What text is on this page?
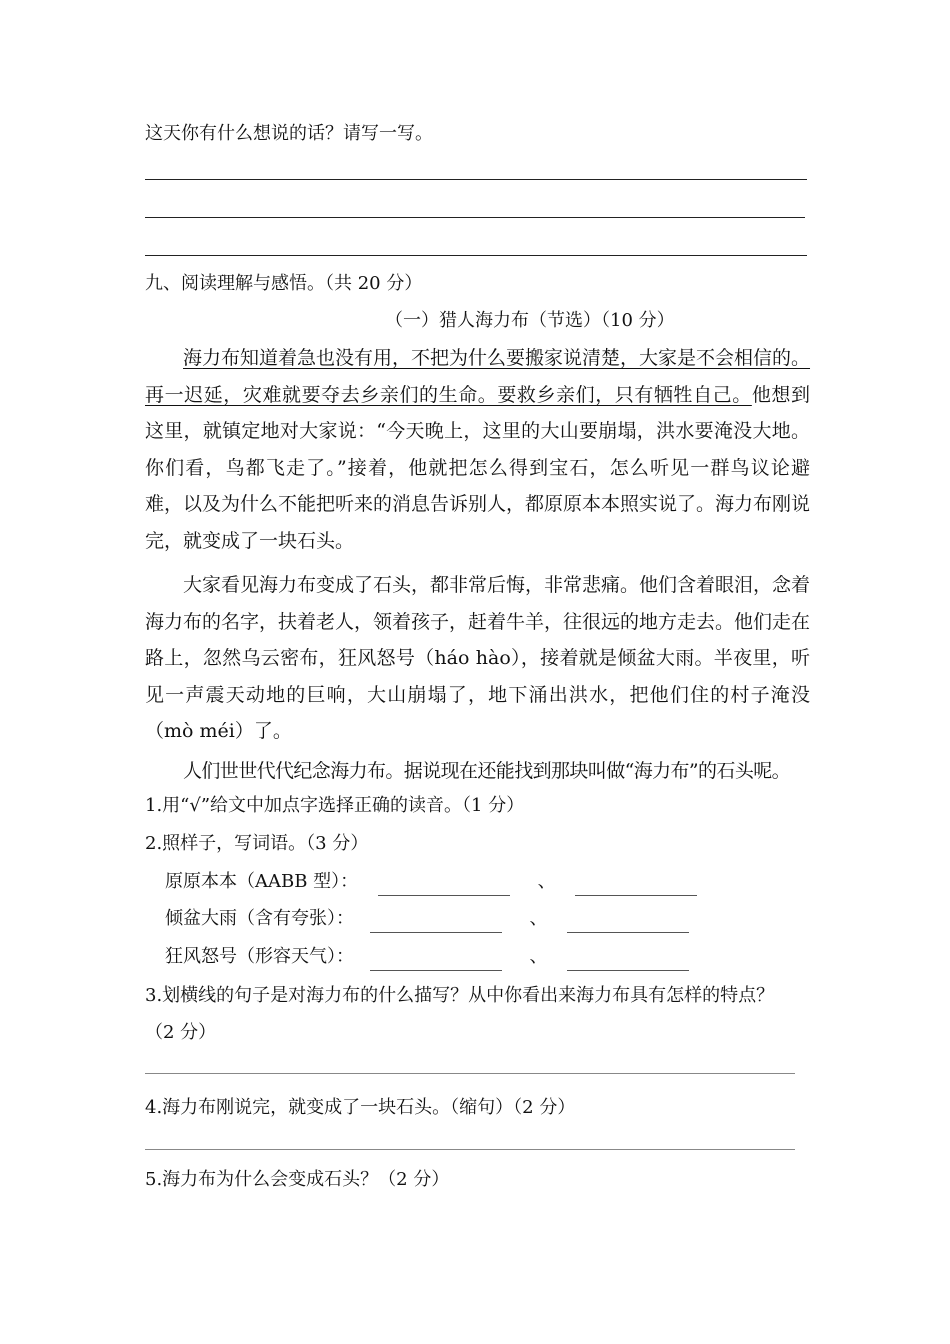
这天你有什么想说的话？请写一写。
九、阅读理解与感悟。（共 20 分）
（一）猎人海力布（节选）（10 分）
海力布知道着急也没有用，不把为什么要搬家说清楚，大家是不会相信的。再一迟延，灾难就要夺去乡亲们的生命。要救乡亲们，只有牺牲自己。他想到这里，就镇定地对大家说：“今天晚上，这里的大山要崩塌，洪水要淹没大地。你们看，鸟都飞走了。”接着，他就把怎么得到宝石，怎么听见一群鸟议论避难，以及为什么不能把听来的消息告诉别人，都原原本本照实说了。海力布刚说完，就变成了一块石头。
大家看见海力布变成了石头，都非常后悔，非常悲痛。他们含着眼泪，念着海力布的名字，扶着老人，领着孩子，赶着牛羊，往很远的地方走去。他们走在路上，忽然乌云密布，狂风怒号（háo hào），接着就是倾盆大雨。半夜里，听见一声震天动地的巨响，大山崩塌了，地下涌出洪水，把他们住的村子淹没（mò méi）了。
人们世世代代纪念海力布。据说现在还能找到那块叫做“海力布”的石头呢。
1.用“√”给文中加点字选择正确的读音。（1 分）
2.照样子，写词语。（3 分）
原原本本（AABB 型）：	、
倾盆大雨（含有夸张）：	、
狂风怒号（形容天气）：	、
3.划横线的句子是对海力布的什么描写？从中你看出来海力布具有怎样的特点？
（2 分）
4.海力布刚说完，就变成了一块石头。（缩句）（2 分）
5.海力布为什么会变成石头？（2 分）
